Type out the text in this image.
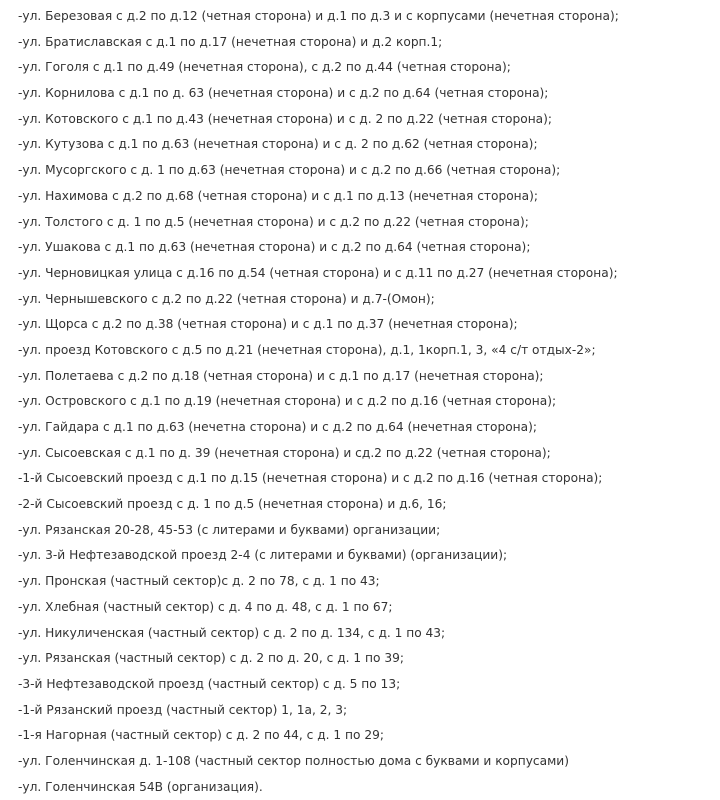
-ул. Березовая с д.2 по д.12 (четная сторона) и д.1 по д.3 и с корпусами (нечетная сторона);
-ул. Братиславская с д.1 по д.17 (нечетная сторона) и д.2 корп.1;
-ул. Гоголя с д.1 по д.49 (нечетная сторона), с д.2 по д.44 (четная сторона);
-ул. Корнилова с д.1 по д. 63 (нечетная сторона) и с д.2 по д.64 (четная сторона);
-ул. Котовского с д.1 по д.43 (нечетная сторона) и с д. 2 по д.22 (четная сторона);
-ул. Кутузова с д.1 по д.63 (нечетная сторона) и с д. 2 по д.62 (четная сторона);
-ул. Мусоргского с д. 1 по д.63 (нечетная сторона) и с д.2 по д.66 (четная сторона);
-ул. Нахимова с д.2 по д.68 (четная сторона) и с д.1 по д.13 (нечетная сторона);
-ул. Толстого с д. 1 по д.5 (нечетная сторона) и с д.2 по д.22 (четная сторона);
-ул. Ушакова с д.1 по д.63 (нечетная сторона) и с д.2 по д.64 (четная сторона);
-ул. Черновицкая улица с д.16 по д.54 (четная сторона) и с д.11 по д.27 (нечетная сторона);
-ул. Чернышевского с д.2 по д.22 (четная сторона) и д.7-(Омон);
-ул. Щорса с д.2 по д.38 (четная сторона) и с д.1 по д.37 (нечетная сторона);
-ул. проезд Котовского с д.5 по д.21 (нечетная сторона), д.1, 1корп.1, 3, «4 с/т отдых-2»;
-ул. Полетаева с д.2 по д.18 (четная сторона) и с д.1 по д.17 (нечетная сторона);
-ул. Островского с д.1 по д.19 (нечетная сторона) и с д.2 по д.16 (четная сторона);
-ул. Гайдара с д.1 по д.63 (нечетна сторона) и с д.2 по д.64 (нечетная сторона);
-ул. Сысоевская с д.1 по д. 39 (нечетная сторона) и сд.2 по д.22 (четная сторона);
-1-й Сысоевский проезд с д.1 по д.15 (нечетная сторона) и с д.2 по д.16 (четная сторона);
-2-й Сысоевский проезд с д. 1 по д.5 (нечетная сторона) и д.6, 16;
-ул. Рязанская 20-28, 45-53 (с литерами и буквами) организации;
-ул. 3-й Нефтезаводской проезд 2-4 (с литерами и буквами) (организации);
-ул. Пронская (частный сектор)с д. 2 по 78, с д. 1 по 43;
-ул. Хлебная (частный сектор) с д. 4 по д. 48, с д. 1 по 67;
-ул. Никуличенская (частный сектор) с д. 2 по д. 134, с д. 1 по 43;
-ул. Рязанская (частный сектор) с д. 2 по д. 20, с д. 1 по 39;
-3-й Нефтезаводской проезд (частный сектор) с д. 5 по 13;
-1-й Рязанский проезд (частный сектор) 1, 1а, 2, 3;
-1-я Нагорная (частный сектор) с д. 2 по 44, с д. 1 по 29;
-ул. Голенчинская д. 1-108 (частный сектор полностью дома с буквами и корпусами)
-ул. Голенчинская 54В (организация).
